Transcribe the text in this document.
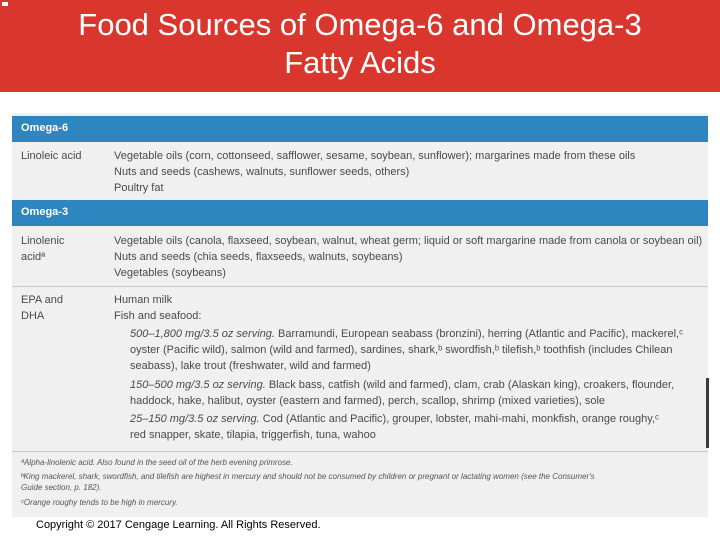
Food Sources of Omega-6 and Omega-3
Fatty Acids
Omega-6
Linoleic acid	Vegetable oils (corn, cottonseed, safflower, sesame, soybean, sunflower); margarines made from these oils
Nuts and seeds (cashews, walnuts, sunflower seeds, others)
Poultry fat
Omega-3
Linolenic
acidª
Vegetable oils (canola, flaxseed, soybean, walnut, wheat germ; liquid or soft margarine made from canola or soybean oil)
Nuts and seeds (chia seeds, flaxseeds, walnuts, soybeans)
Vegetables (soybeans)
EPA and
DHA
Human milk
Fish and seafood:
500–1,800 mg/3.5 oz serving. Barramundi, European seabass (bronzini), herring (Atlantic and Pacific), mackerel,ᶜ
oyster (Pacific wild), salmon (wild and farmed), sardines, shark,ᵇ swordfish,ᵇ tilefish,ᵇ toothfish (includes Chilean
seabass), lake trout (freshwater, wild and farmed)
150–500 mg/3.5 oz serving. Black bass, catfish (wild and farmed), clam, crab (Alaskan king), croakers, flounder,
haddock, hake, halibut, oyster (eastern and farmed), perch, scallop, shrimp (mixed varieties), sole
25–150 mg/3.5 oz serving. Cod (Atlantic and Pacific), grouper, lobster, mahi-mahi, monkfish, orange roughy,ᶜ
red snapper, skate, tilapia, triggerfish, tuna, wahoo
ªAlpha-linolenic acid. Also found in the seed oil of the herb evening primrose.
ᵇKing mackerel, shark, swordfish, and tilefish are highest in mercury and should not be consumed by children or pregnant or lactating women (see the Consumer's
Guide section, p. 182).
ᶜOrange roughy tends to be high in mercury.
Copyright © 2017 Cengage Learning. All Rights Reserved.
